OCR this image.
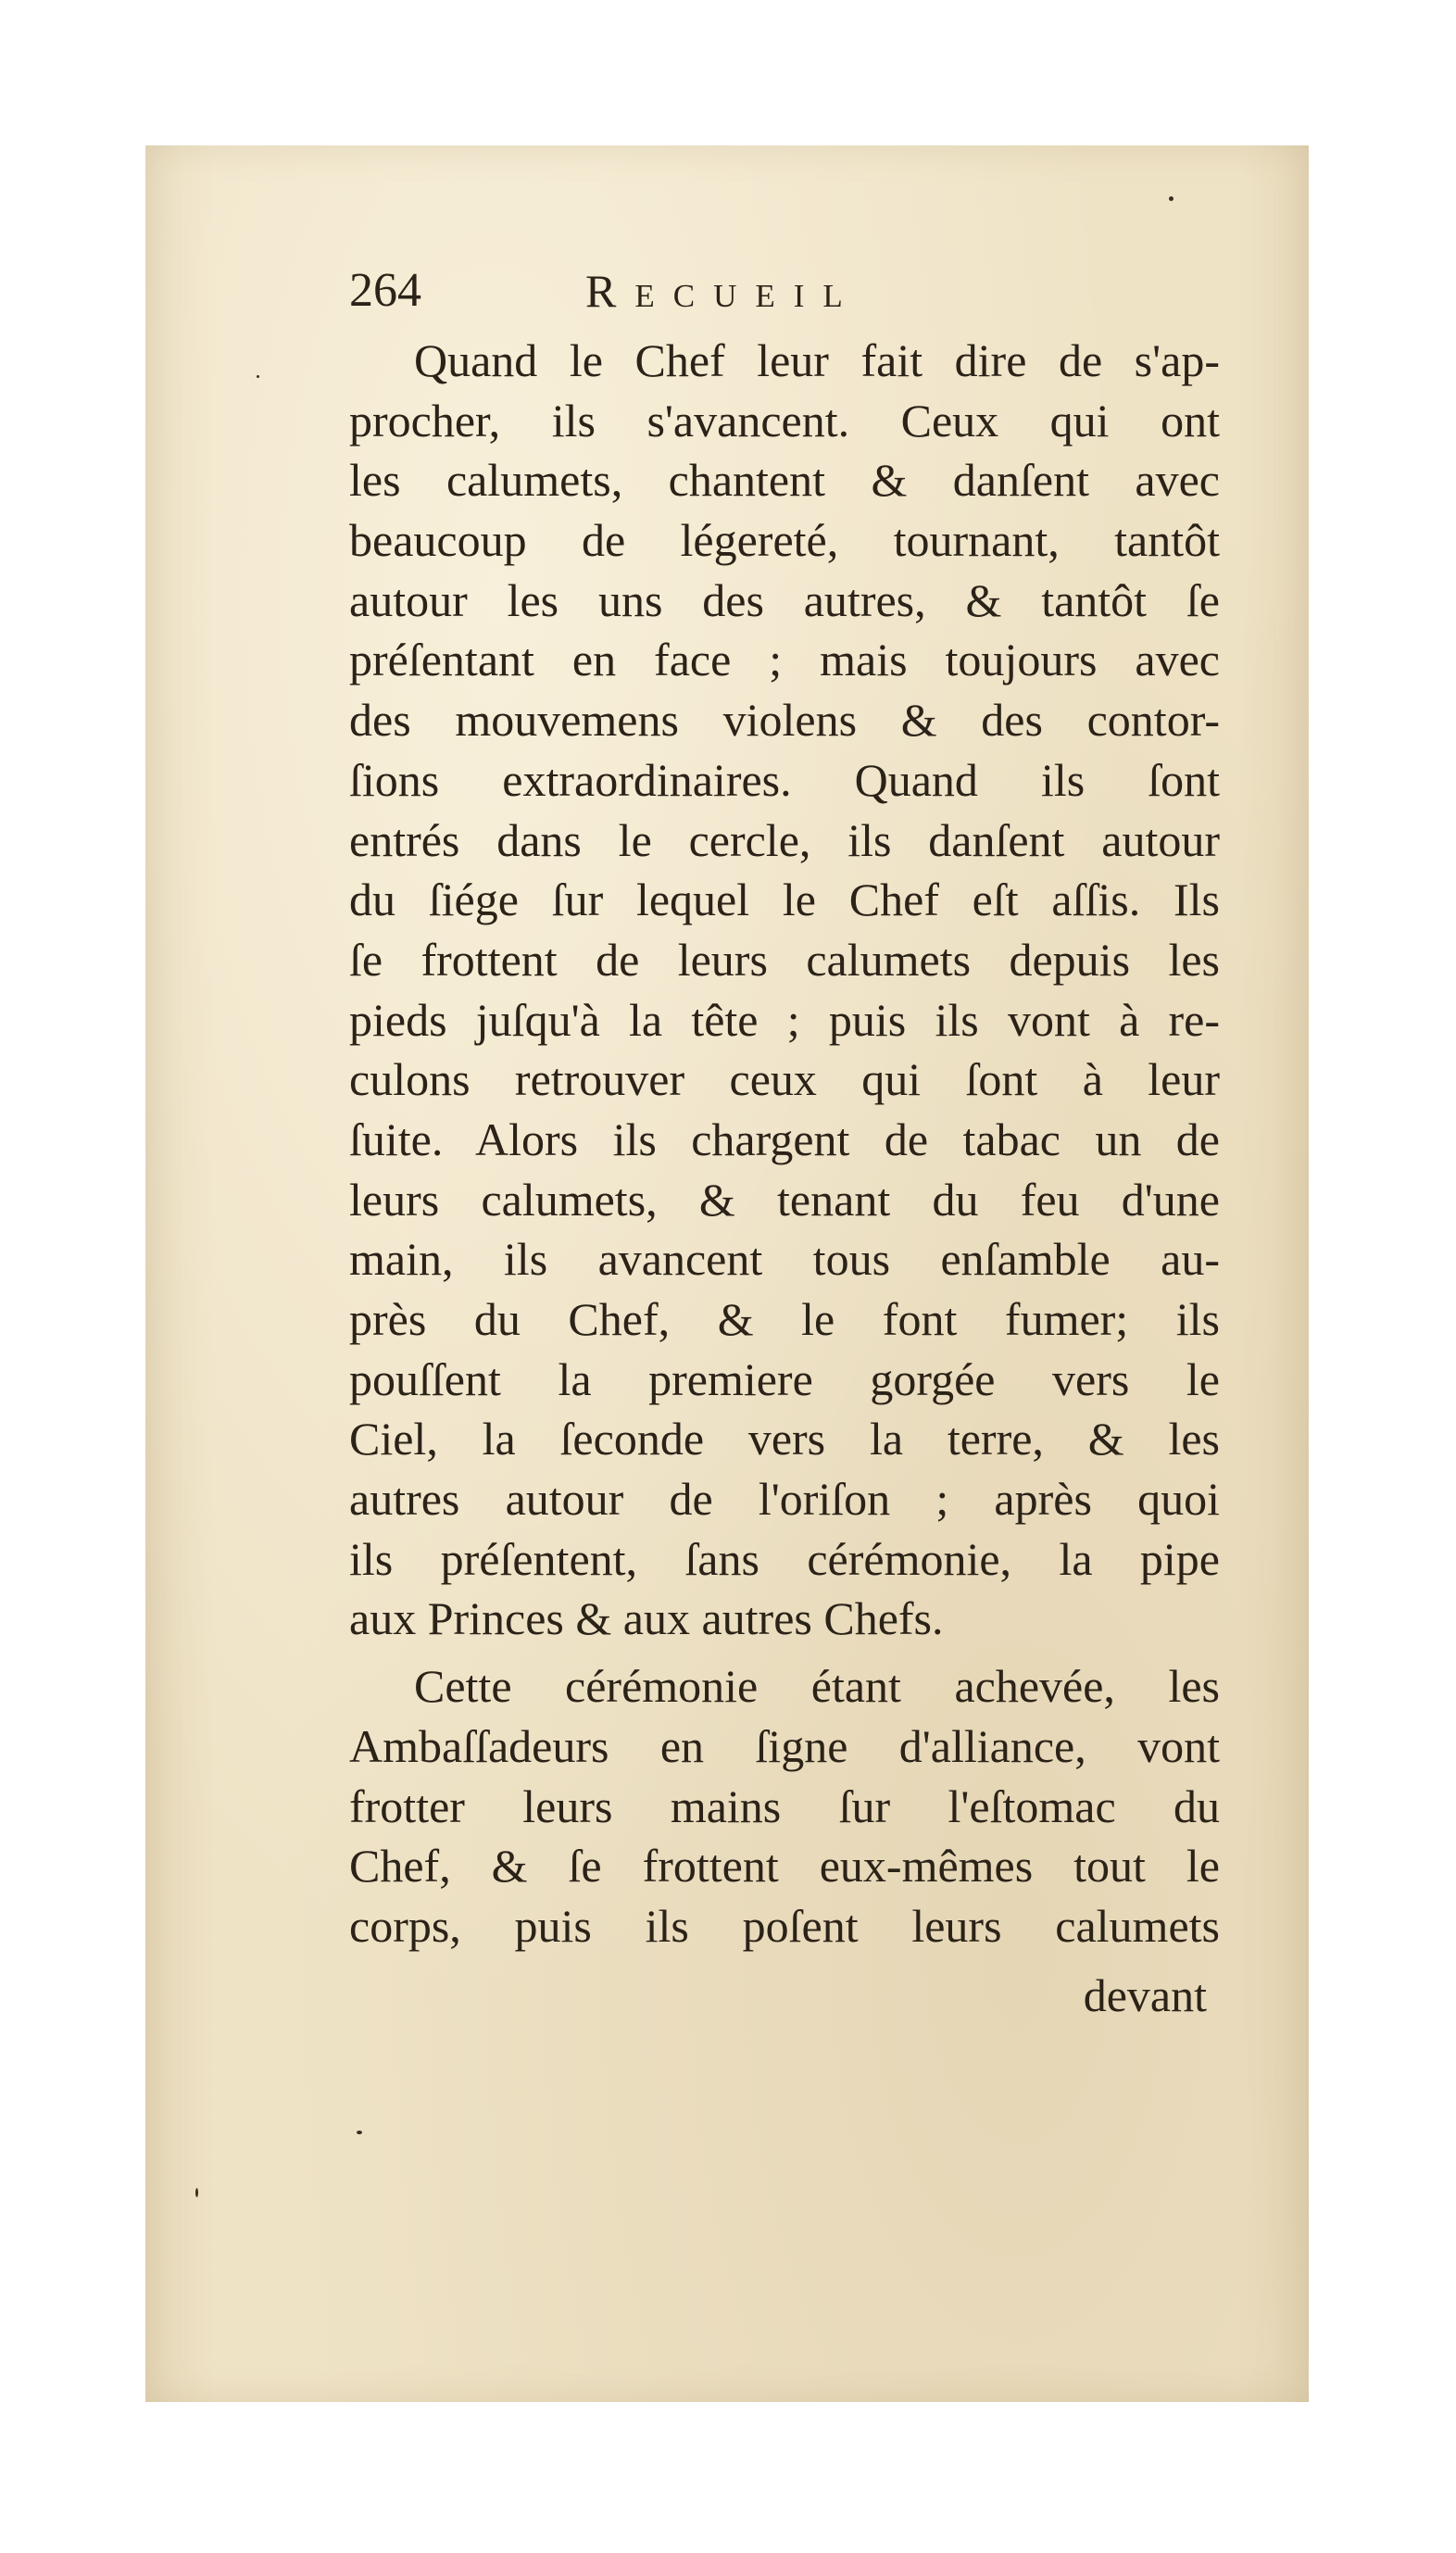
264	Recueil
Quand le Chef leur fait dire de s'ap-
procher, ils s'avancent. Ceux qui ont
les calumets, chantent & danſent avec
beaucoup de légereté, tournant, tantôt
autour les uns des autres, & tantôt ſe
préſentant en face ; mais toujours avec
des mouvemens violens & des contor-
ſions extraordinaires. Quand ils ſont
entrés dans le cercle, ils danſent autour
du ſiége ſur lequel le Chef eſt aſſis. Ils
ſe frottent de leurs calumets depuis les
pieds juſqu'à la tête ; puis ils vont à re-
culons retrouver ceux qui ſont à leur
ſuite. Alors ils chargent de tabac un de
leurs calumets, & tenant du feu d'une
main, ils avancent tous enſamble au-
près du Chef, & le font fumer; ils
pouſſent la premiere gorgée vers le
Ciel, la ſeconde vers la terre, & les
autres autour de l'oriſon ; après quoi
ils préſentent, ſans cérémonie, la pipe
aux Princes & aux autres Chefs.
Cette cérémonie étant achevée, les
Ambaſſadeurs en ſigne d'alliance, vont
frotter leurs mains ſur l'eſtomac du
Chef, & ſe frottent eux-mêmes tout le
corps, puis ils poſent leurs calumets
devant
